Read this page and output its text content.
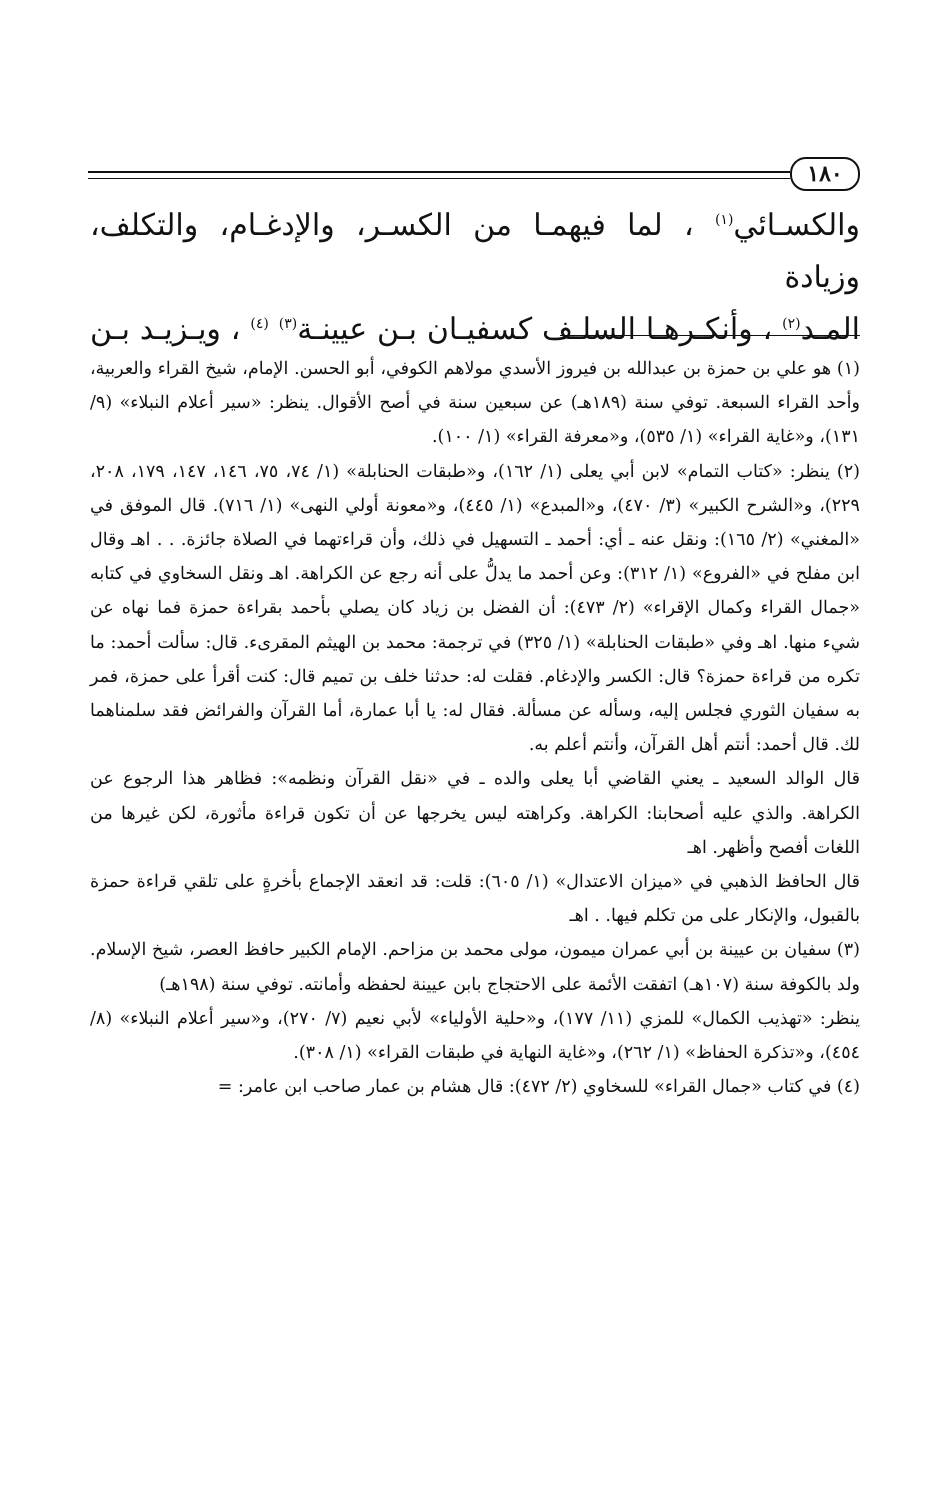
١٨٠

والكسـائي$^{(١)}$ ، لما فيهمـا من الكسـر، والإدغـام، والتكلف، وزيادة

المـد$^{(٢)}$ ، وأنكـرهـا السلـف كسفيـان بـن عيينـة$^{(٣)}$ $^{(٤)}$ ، ويـزيـد بـن

(١) هو علي بن حمزة بن عبدالله بن فيروز الأسدي مولاهم الكوفي، أبو الحسن. الإمام، شيخ القراء والعربية، وأحد القراء السبعة. توفي سنة (١٨٩هـ) عن سبعين سنة في أصح الأقوال. ينظر: «سير أعلام النبلاء» (٩/ ١٣١)، و«غاية القراء» (١/ ٥٣٥)، و«معرفة القراء» (١/ ١٠٠).

(٢) ينظر: «كتاب التمام» لابن أبي يعلى (١/ ١٦٢)، و«طبقات الحنابلة» (١/ ٧٤، ٧٥، ١٤٦، ١٤٧، ١٧٩، ٢٠٨، ٢٢٩)، و«الشرح الكبير» (٣/ ٤٧٠)، و«المبدع» (١/ ٤٤٥)، و«معونة أولي النهى» (١/ ٧١٦). قال الموفق في «المغني» (٢/ ١٦٥): ونقل عنه ـ أي: أحمد ـ التسهيل في ذلك، وأن قراءتهما في الصلاة جائزة. . . اهـ وقال ابن مفلح في «الفروع» (١/ ٣١٢): وعن أحمد ما يدلُّ على أنه رجع عن الكراهة. اهـ ونقل السخاوي في كتابه «جمال القراء وكمال الإقراء» (٢/ ٤٧٣): أن الفضل بن زياد كان يصلي بأحمد بقراءة حمزة فما نهاه عن شيء منها. اهـ وفي «طبقات الحنابلة» (١/ ٣٢٥) في ترجمة: محمد بن الهيثم المقرىء. قال: سألت أحمد: ما تكره من قراءة حمزة؟ قال: الكسر والإدغام. فقلت له: حدثنا خلف بن تميم قال: كنت أقرأ على حمزة، فمر به سفيان الثوري فجلس إليه، وسأله عن مسألة. فقال له: يا أبا عمارة، أما القرآن والفرائض فقد سلمناهما لك. قال أحمد: أنتم أهل القرآن، وأنتم أعلم به.

قال الوالد السعيد ـ يعني القاضي أبا يعلى والده ـ في «نقل القرآن ونظمه»: فظاهر هذا الرجوع عن الكراهة. والذي عليه أصحابنا: الكراهة. وكراهته ليس يخرجها عن أن تكون قراءة مأثورة، لكن غيرها من اللغات أفصح وأظهر. اهـ

قال الحافظ الذهبي في «ميزان الاعتدال» (١/ ٦٠٥): قلت: قد انعقد الإجماع بأخرةٍ على تلقي قراءة حمزة بالقبول، والإنكار على من تكلم فيها. . اهـ

(٣) سفيان بن عيينة بن أبي عمران ميمون، مولى محمد بن مزاحم. الإمام الكبير حافظ العصر، شيخ الإسلام. ولد بالكوفة سنة (١٠٧هـ) اتفقت الأئمة على الاحتجاج بابن عيينة لحفظه وأمانته. توفي سنة (١٩٨هـ)

ينظر: «تهذيب الكمال» للمزي (١١/ ١٧٧)، و«حلية الأولياء» لأبي نعيم (٧/ ٢٧٠)، و«سير أعلام النبلاء» (٨/ ٤٥٤)، و«تذكرة الحفاظ» (١/ ٢٦٢)، و«غاية النهاية في طبقات القراء» (١/ ٣٠٨).

(٤) في كتاب «جمال القراء» للسخاوي (٢/ ٤٧٢): قال هشام بن عمار صاحب ابن عامر: =
